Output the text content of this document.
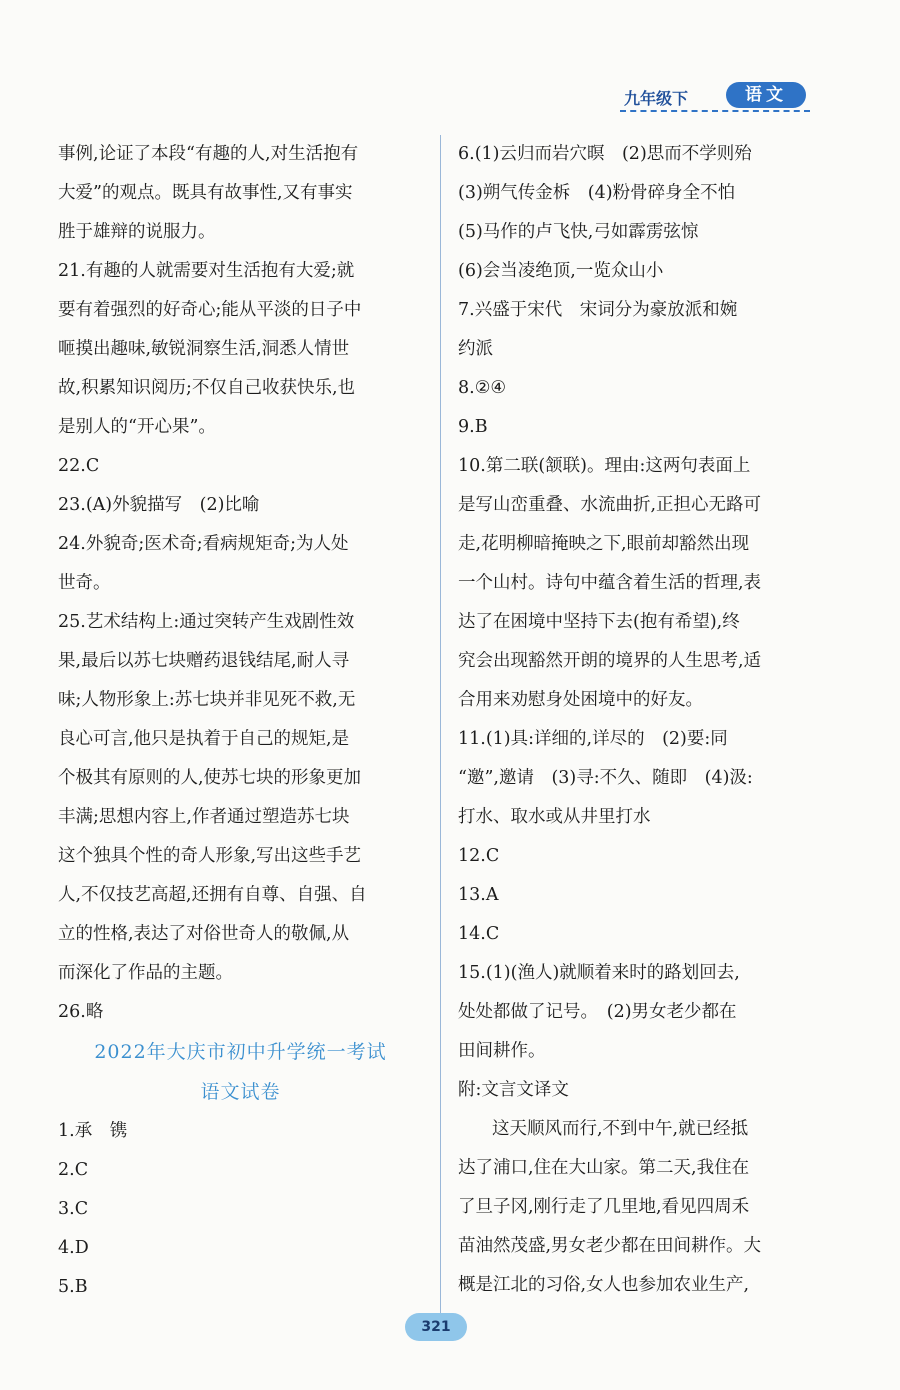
九年级下	语文
事例,论证了本段“有趣的人,对生活抱有
大爱”的观点。既具有故事性,又有事实
胜于雄辩的说服力。
21.有趣的人就需要对生活抱有大爱;就
要有着强烈的好奇心;能从平淡的日子中
咂摸出趣味,敏锐洞察生活,洞悉人情世
故,积累知识阅历;不仅自己收获快乐,也
是别人的“开心果”。
22.C
23.(A)外貌描写　(2)比喻
24.外貌奇;医术奇;看病规矩奇;为人处
世奇。
25.艺术结构上:通过突转产生戏剧性效
果,最后以苏七块赠药退钱结尾,耐人寻
味;人物形象上:苏七块并非见死不救,无
良心可言,他只是执着于自己的规矩,是
个极其有原则的人,使苏七块的形象更加
丰满;思想内容上,作者通过塑造苏七块
这个独具个性的奇人形象,写出这些手艺
人,不仅技艺高超,还拥有自尊、自强、自
立的性格,表达了对俗世奇人的敬佩,从
而深化了作品的主题。
26.略
2022年大庆市初中升学统一考试
语文试卷
1.承　镌
2.C
3.C
4.D
5.B
6.(1)云归而岩穴暝　(2)思而不学则殆
(3)朔气传金柝　(4)粉骨碎身全不怕
(5)马作的卢飞快,弓如霹雳弦惊
(6)会当凌绝顶,一览众山小
7.兴盛于宋代　宋词分为豪放派和婉
约派
8.②④
9.B
10.第二联(颔联)。理由:这两句表面上
是写山峦重叠、水流曲折,正担心无路可
走,花明柳暗掩映之下,眼前却豁然出现
一个山村。诗句中蕴含着生活的哲理,表
达了在困境中坚持下去(抱有希望),终
究会出现豁然开朗的境界的人生思考,适
合用来劝慰身处困境中的好友。
11.(1)具:详细的,详尽的　(2)要:同
“邀”,邀请　(3)寻:不久、随即　(4)汲:
打水、取水或从井里打水
12.C
13.A
14.C
15.(1)(渔人)就顺着来时的路划回去,
处处都做了记号。　(2)男女老少都在
田间耕作。
附:文言文译文
这天顺风而行,不到中午,就已经抵
达了浦口,住在大山家。第二天,我住在
了旦子冈,刚行走了几里地,看见四周禾
苗油然茂盛,男女老少都在田间耕作。大
概是江北的习俗,女人也参加农业生产,
321
